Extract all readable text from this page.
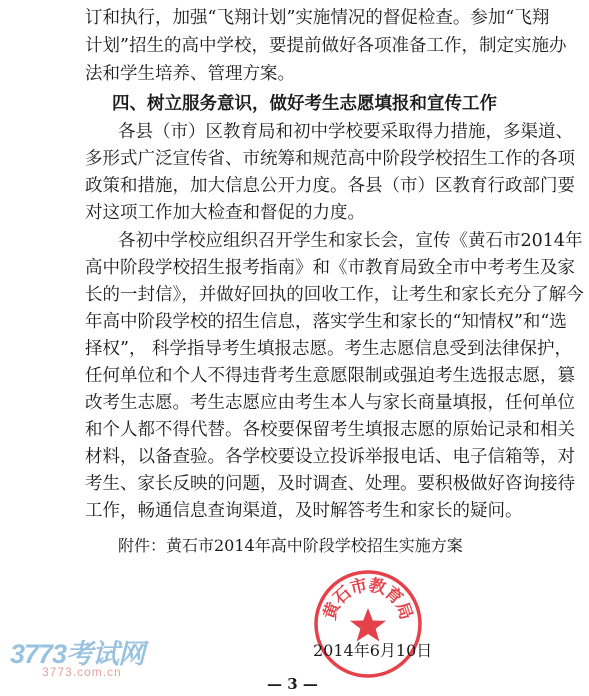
订和执行，加强“飞翔计划”实施情况的督促检查。参加“飞翔
计划”招生的高中学校，要提前做好各项准备工作，制定实施办
法和学生培养、管理方案。
四、树立服务意识，做好考生志愿填报和宣传工作
各县（市）区教育局和初中学校要采取得力措施，多渠道、
多形式广泛宣传省、市统筹和规范高中阶段学校招生工作的各项
政策和措施，加大信息公开力度。各县（市）区教育行政部门要
对这项工作加大检查和督促的力度。
各初中学校应组织召开学生和家长会，宣传《黄石市2014年
高中阶段学校招生报考指南》和《市教育局致全市中考考生及家
长的一封信》，并做好回执的回收工作，让考生和家长充分了解今
年高中阶段学校的招生信息，落实学生和家长的“知情权”和“选
择权”， 科学指导考生填报志愿。考生志愿信息受到法律保护，
任何单位和个人不得违背考生意愿限制或强迫考生选报志愿，篡
改考生志愿。考生志愿应由考生本人与家长商量填报，任何单位
和个人都不得代替。各校要保留考生填报志愿的原始记录和相关
材料，以备查验。各学校要设立投诉举报电话、电子信箱等，对
考生、家长反映的问题，及时调查、处理。要积极做好咨询接待
工作，畅通信息查询渠道，及时解答考生和家长的疑问。
附件：黄石市2014年高中阶段学校招生实施方案
黄
石
市
教
育
局
2014年6月10日
— 3 —
3773考试网
3773.com.cn
